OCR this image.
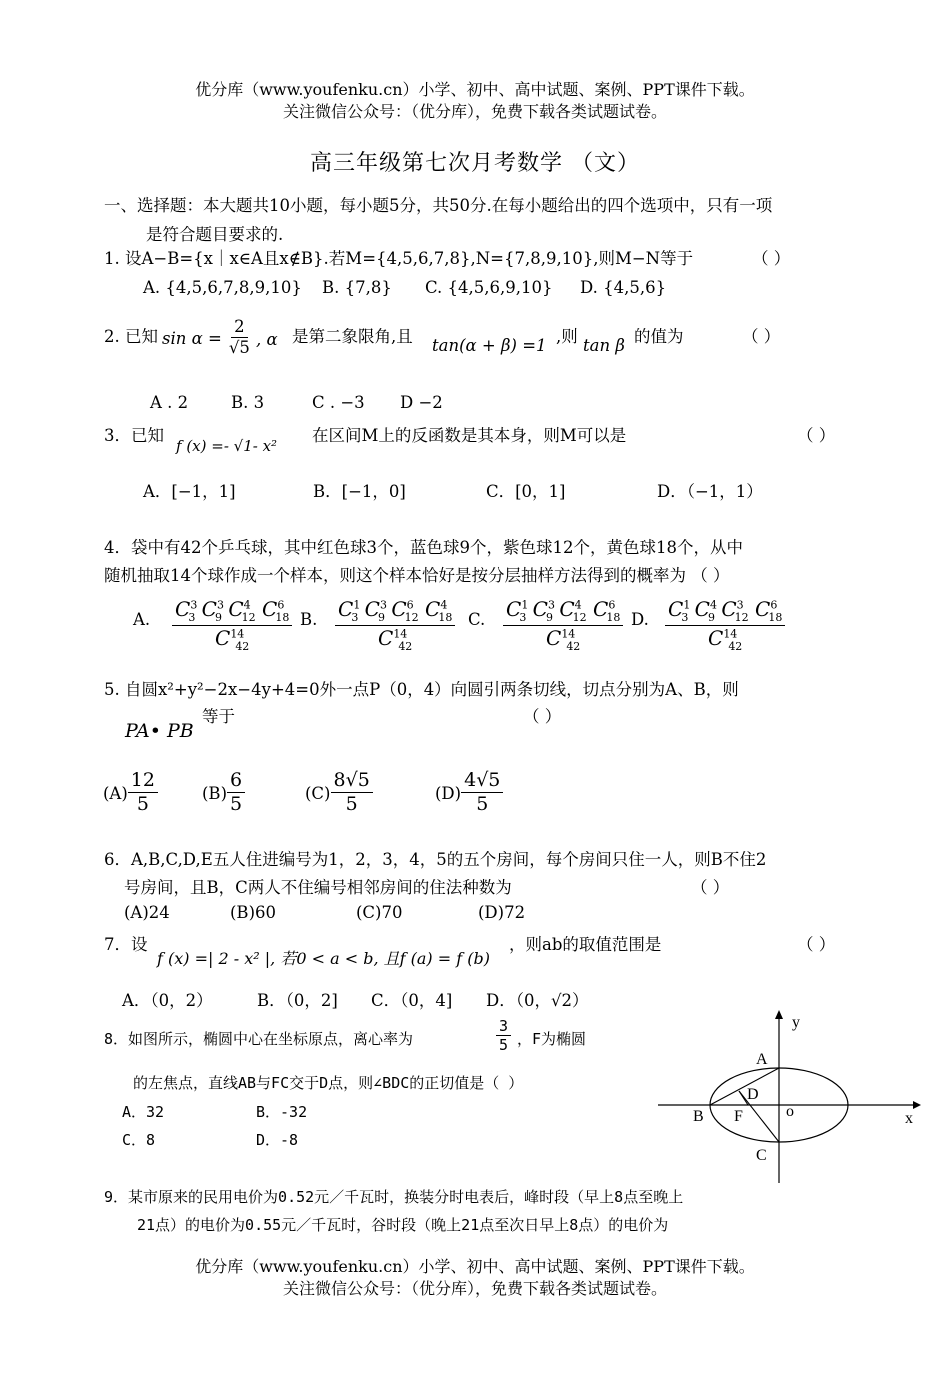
优分库（www.youfenku.cn）小学、初中、高中试题、案例、PPT课件下载。
关注微信公众号：（优分库），免费下载各类试题试卷。
高三年级第七次月考数学 （文）
一、选择题：本大题共10小题，每小题5分，共50分.在每小题给出的四个选项中，只有一项
是符合题目要求的.
1. 设A−B={x｜x∈A且x∉B}.若M={4,5,6,7,8},N={7,8,9,10},则M−N等于	（ ）
A. {4,5,6,7,8,9,10} B. {7,8} C. {4,5,6,9,10} D. {4,5,6}
2. 已知 $\sin \alpha = \frac{2}{√5}$ , α 是第二象限角,且 tan(α + β) =1 ,则 tan β 的值为	（ ）
A . 2	B. 3	C . −3 D −2
3．已知
f (x) =- √1- x²
在区间M上的反函数是其本身，则M可以是	（ ）
A．[−1，1]	B．[−1，0]	C．[0，1]	D．（−1，1）
4．袋中有42个乒乓球，其中红色球3个，蓝色球9个，紫色球12个，黄色球18个，从中
随机抽取14个球作成一个样本，则这个样本恰好是按分层抽样方法得到的概率为 （ ）
A. $\frac{C^3_3 C^3_9 C^4_{12} C^6_{18}}{C^{14}_{42}} B$. $\frac{C^1_3 C^3_9 C^6_{12} C^4_{18}}{C^{14}_{42}} C$. $\frac{C^1_3 C^3_9 C^4_{12} C^6_{18}}{C^{14}_{42}} D$. $\frac{C^1_3 C^4_9 C^3_{12} C^6_{18}}{C^{14}_{42}}$
5. 自圆x²+y²−2x−4y+4=0外一点P（0，4）向圆引两条切线，切点分别为A、B，则
等于	（ ）
PA• PB
$(A) \frac{12}{5}$	$(B) \frac{6}{5}$	$(C) \frac{8√5}{5}$	$(D) \frac{4√5}{5}$
6．A,B,C,D,E五人住进编号为1，2，3，4，5的五个房间，每个房间只住一人，则B不住2
号房间，且B，C两人不住编号相邻房间的住法种数为	（ ）
(A)24	(B)60	(C)70	(D)72
7．设
f (x) =| 2 - x² |, 若0 < a < b, 且f (a) = f (b)
，则ab的取值范围是	（ ）
A．（0，2）	B．（0，2] C．（0，4] D．（0，√2）
8．如图所示，椭圆中心在坐标原点，离心率为	$\frac{3}{5}$ ，F为椭圆
的左焦点，直线AB与FC交于D点，则∠BDC的正切值是（ ）
A．32	B．-32
C．8	D．-8
y
x
A
B
C
D
F	o
9．某市原来的民用电价为0.52元／千瓦时，换装分时电表后，峰时段（早上8点至晚上
21点）的电价为0.55元／千瓦时，谷时段（晚上21点至次日早上8点）的电价为
优分库（www.youfenku.cn）小学、初中、高中试题、案例、PPT课件下载。
关注微信公众号：（优分库），免费下载各类试题试卷。
